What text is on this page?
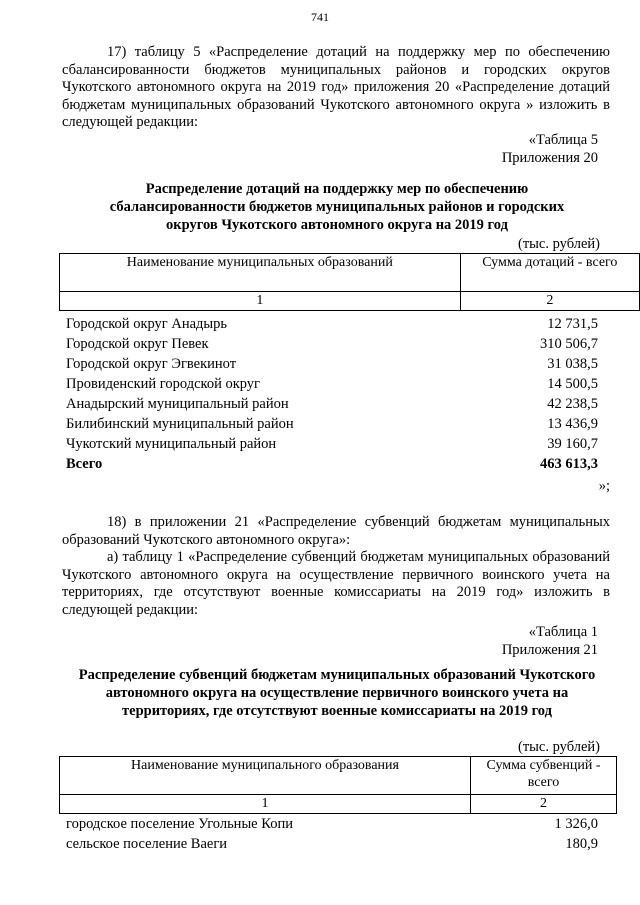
741

17) таблицу 5 «Распределение дотаций на поддержку мер по обеспечению сбалансированности бюджетов муниципальных районов и городских округов Чукотского автономного округа на 2019 год» приложения 20 «Распределение дотаций бюджетам муниципальных образований Чукотского автономного округа » изложить в следующей редакции:

«Таблица 5
Приложения 20
Распределение дотаций на поддержку мер по обеспечению сбалансированности бюджетов муниципальных районов и городских округов Чукотского автономного округа на 2019 год
(тыс. рублей)
Наименование муниципальных образований	Сумма дотаций - всего
1	2
Городской округ Анадырь	12 731,5
Городской округ Певек	310 506,7
Городской округ Эгвекинот	31 038,5
Провиденский городской округ	14 500,5
Анадырский муниципальный район	42 238,5
Билибинский муниципальный район	13 436,9
Чукотский муниципальный район	39 160,7
Всего	463 613,3
»;

18) в приложении 21 «Распределение субвенций бюджетам муниципальных образований Чукотского автономного округа»:

а) таблицу 1 «Распределение субвенций бюджетам муниципальных образований Чукотского автономного округа на осуществление первичного воинского учета на территориях, где отсутствуют военные комиссариаты на 2019 год» изложить в следующей редакции:

«Таблица 1
Приложения 21
Распределение субвенций бюджетам муниципальных образований Чукотского автономного округа на осуществление первичного воинского учета на территориях, где отсутствуют военные комиссариаты на 2019 год
(тыс. рублей)
Наименование муниципального образования	Сумма субвенций - всего
1	2
городское поселение Угольные Копи	1 326,0
сельское поселение Ваеги	180,9
